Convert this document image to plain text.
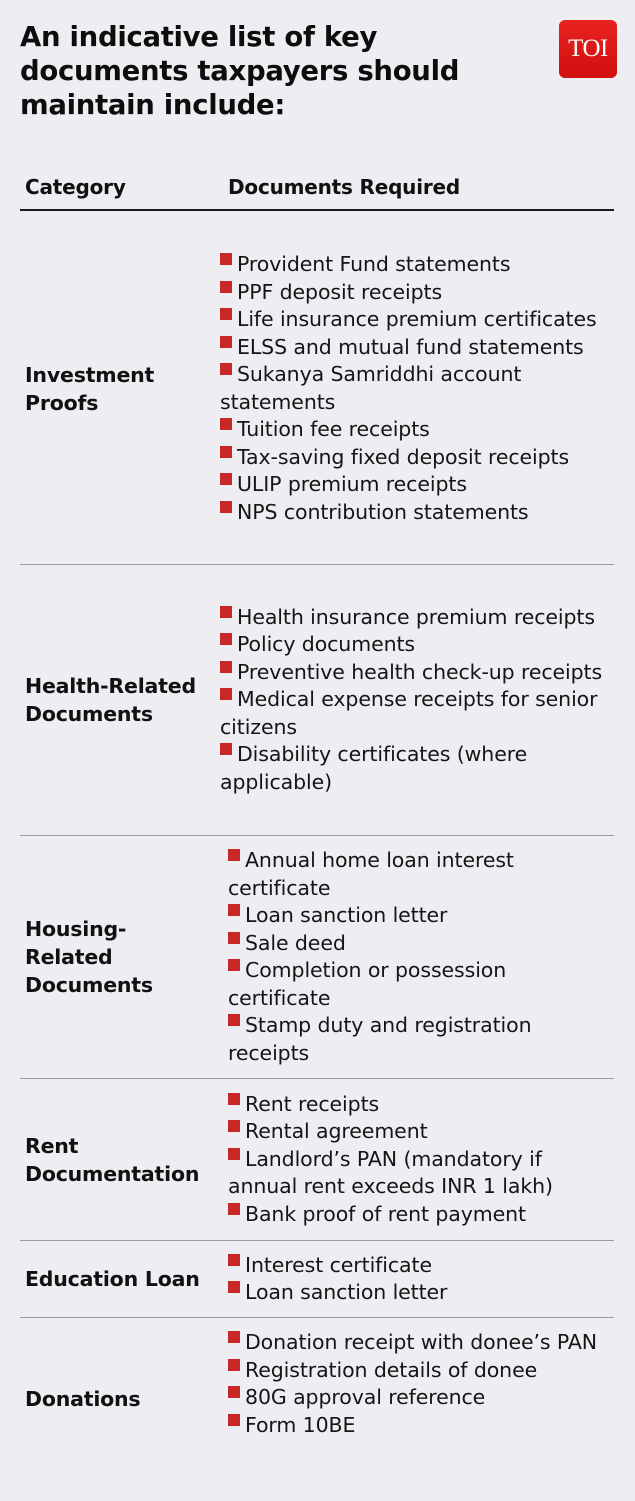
An indicative list of key documents taxpayers should maintain include:
TOI
Category	Documents Required
Investment Proofs
Provident Fund statements
PPF deposit receipts
Life insurance premium certificates
ELSS and mutual fund statements
Sukanya Samriddhi account statements
Tuition fee receipts
Tax-saving fixed deposit receipts
ULIP premium receipts
NPS contribution statements
Health-Related Documents
Health insurance premium receipts
Policy documents
Preventive health check-up receipts
Medical expense receipts for senior citizens
Disability certificates (where applicable)
Housing-Related Documents
Annual home loan interest certificate
Loan sanction letter
Sale deed
Completion or possession certificate
Stamp duty and registration receipts
Rent Documentation
Rent receipts
Rental agreement
Landlord’s PAN (mandatory if annual rent exceeds INR 1 lakh)
Bank proof of rent payment
Education Loan
Interest certificate
Loan sanction letter
Donations
Donation receipt with donee’s PAN
Registration details of donee
80G approval reference
Form 10BE
